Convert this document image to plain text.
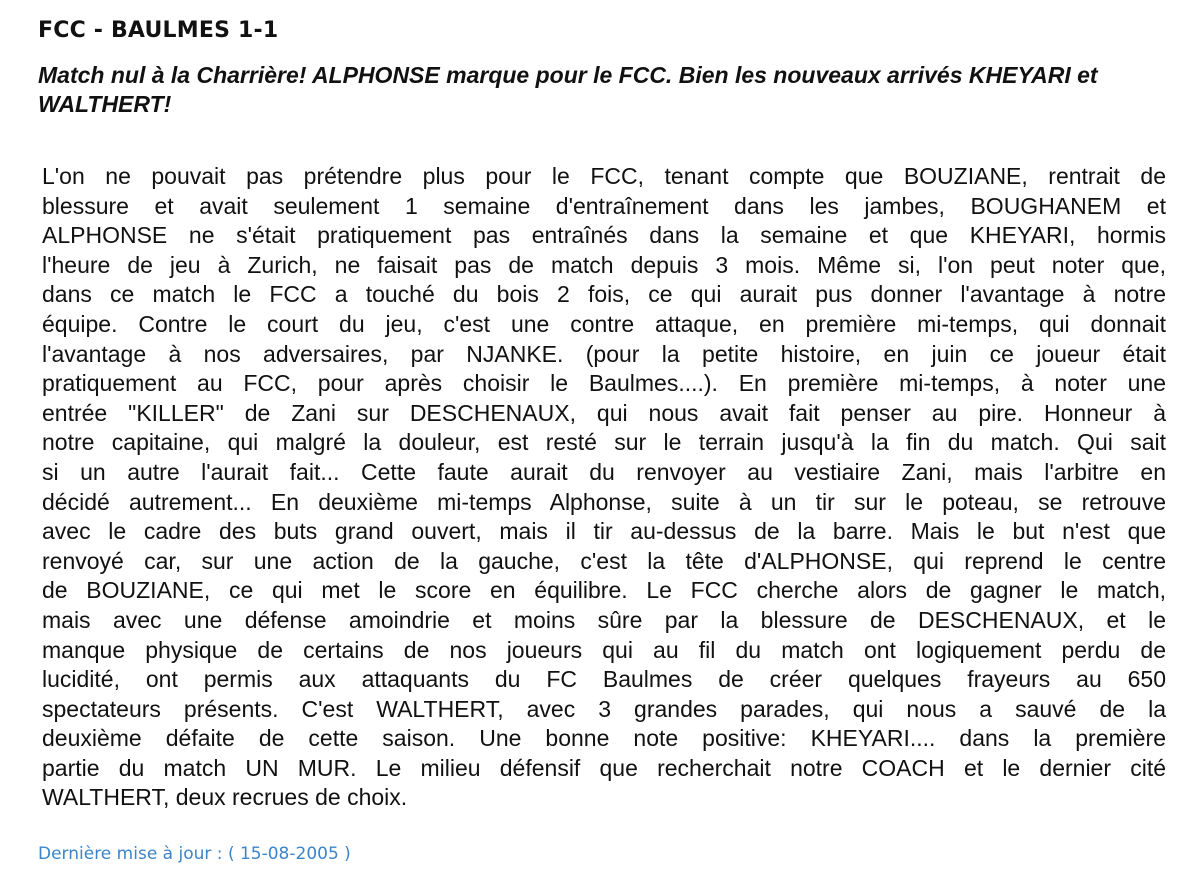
FCC - BAULMES 1-1
Match nul à la Charrière! ALPHONSE marque pour le FCC. Bien les nouveaux arrivés KHEYARI et WALTHERT!
L'on ne pouvait pas prétendre plus pour le FCC, tenant compte que BOUZIANE, rentrait de
blessure et avait seulement 1 semaine d'entraînement dans les jambes, BOUGHANEM et
ALPHONSE ne s'était pratiquement pas entraînés dans la semaine et que KHEYARI, hormis
l'heure de jeu à Zurich, ne faisait pas de match depuis 3 mois. Même si, l'on peut noter que,
dans ce match le FCC a touché du bois 2 fois, ce qui aurait pus donner l'avantage à notre
équipe. Contre le court du jeu, c'est une contre attaque, en première mi-temps, qui donnait
l'avantage à nos adversaires, par NJANKE. (pour la petite histoire, en juin ce joueur était
pratiquement au FCC, pour après choisir le Baulmes....). En première mi-temps, à noter une
entrée "KILLER" de Zani sur DESCHENAUX, qui nous avait fait penser au pire. Honneur à
notre capitaine, qui malgré la douleur, est resté sur le terrain jusqu'à la fin du match. Qui sait
si un autre l'aurait fait... Cette faute aurait du renvoyer au vestiaire Zani, mais l'arbitre en
décidé autrement... En deuxième mi-temps Alphonse, suite à un tir sur le poteau, se retrouve
avec le cadre des buts grand ouvert, mais il tir au-dessus de la barre. Mais le but n'est que
renvoyé car, sur une action de la gauche, c'est la tête d'ALPHONSE, qui reprend le centre
de BOUZIANE, ce qui met le score en équilibre. Le FCC cherche alors de gagner le match,
mais avec une défense amoindrie et moins sûre par la blessure de DESCHENAUX, et le
manque physique de certains de nos joueurs qui au fil du match ont logiquement perdu de
lucidité, ont permis aux attaquants du FC Baulmes de créer quelques frayeurs au 650
spectateurs présents. C'est WALTHERT, avec 3 grandes parades, qui nous a sauvé de la
deuxième défaite de cette saison. Une bonne note positive: KHEYARI.... dans la première
partie du match UN MUR. Le milieu défensif que recherchait notre COACH et le dernier cité
WALTHERT, deux recrues de choix.
Dernière mise à jour : ( 15-08-2005 )
